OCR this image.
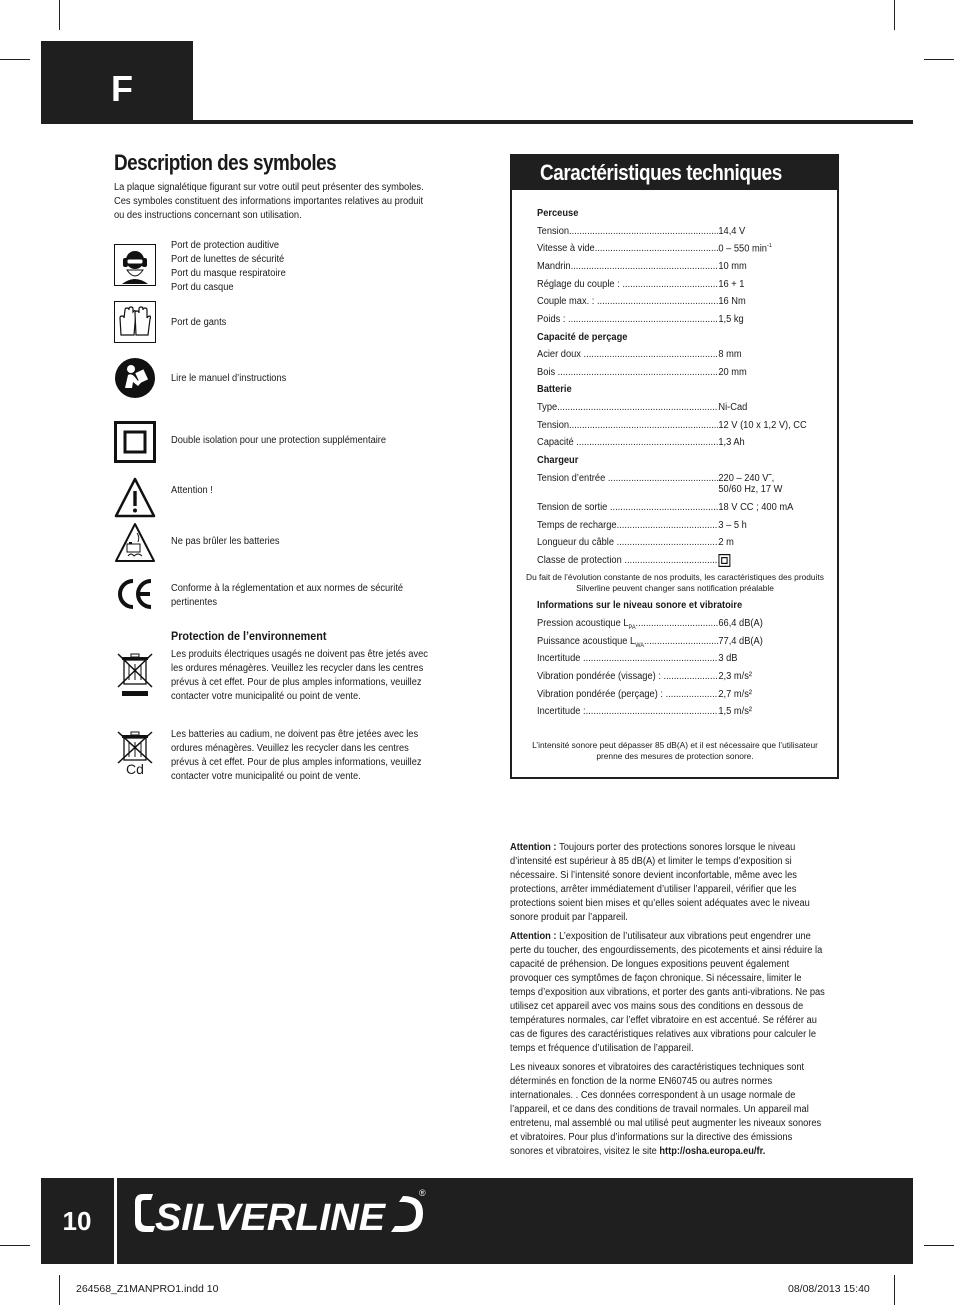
F
Description des symboles

La plaque signalétique figurant sur votre outil peut présenter des symboles. Ces symboles constituent des informations importantes relatives au produit ou des instructions concernant son utilisation.

Port de protection auditive
Port de lunettes de sécurité
Port du masque respiratoire
Port du casque
Port de gants
Lire le manuel d’instructions
Double isolation pour une protection supplémentaire
Attention !
Ne pas brûler les batteries
Conforme à la réglementation et aux normes de sécurité
pertinentes
Protection de l’environnement

Les produits électriques usagés ne doivent pas être jetés avec les ordures ménagères. Veuillez les recycler dans les centres prévus à cet effet. Pour de plus amples informations, veuillez contacter votre municipalité ou point de vente.

Cd

Les batteries au cadium, ne doivent pas être jetées avec les ordures ménagères. Veuillez les recycler dans les centres prévus à cet effet. Pour de plus amples informations, veuillez contacter votre municipalité ou point de vente.

Caractéristiques techniques
Perceuse
Tension .....	14,4 V
Vitesse à vide .....	0 – 550 $\min^{-1}$
Mandrin .....	10 mm
Réglage du couple : .....	16 + 1
Couple max. : .....	16 Nm
Poids : .....	1,5 kg
Capacité de perçage
Acier doux .....	8 mm
Bois .....	20 mm
Batterie
Type .....	Ni-Cad
Tension .....	12 V (10 x 1,2 V), CC
Capacité .....	1,3 Ah
Chargeur
Tension d’entrée .....	220 – 240 V˜,
50/60 Hz, 17 W
Tension de sortie .....	18 V CC ; 400 mA
Temps de recharge .....	3 – 5 h
Longueur du câble .....	2 m
Classe de protection .....
Du fait de l’évolution constante de nos produits, les caractéristiques des produits Silverline peuvent changer sans notification préalable
Informations sur le niveau sonore et vibratoire
Pression acoustique $L_{PA}$ .....	66,4 dB(A)
Puissance acoustique $L_{WA}$ .....	77,4 dB(A)
Incertitude .....	3 dB
Vibration pondérée (vissage) : .....	2,3 m/s²
Vibration pondérée (perçage) : .....	2,7 m/s²
Incertitude : .....	1,5 m/s²
L’intensité sonore peut dépasser 85 dB(A) et il est nécessaire que l’utilisateur prenne des mesures de protection sonore.

Attention : Toujours porter des protections sonores lorsque le niveau d’intensité est supérieur à 85 dB(A) et limiter le temps d’exposition si nécessaire. Si l’intensité sonore devient inconfortable, même avec les protections, arrêter immédiatement d’utiliser l’appareil, vérifier que les protections soient bien mises et qu’elles soient adéquates avec le niveau sonore produit par l’appareil.

Attention : L’exposition de l’utilisateur aux vibrations peut engendrer une perte du toucher, des engourdissements, des picotements et ainsi réduire la capacité de préhension. De longues expositions peuvent également provoquer ces symptômes de façon chronique. Si nécessaire, limiter le temps d’exposition aux vibrations, et porter des gants anti-vibrations. Ne pas utilisez cet appareil avec vos mains sous des conditions en dessous de températures normales, car l’effet vibratoire en est accentué. Se référer au cas de figures des caractéristiques relatives aux vibrations pour calculer le temps et fréquence d’utilisation de l’appareil.

Les niveaux sonores et vibratoires des caractéristiques techniques sont déterminés en fonction de la norme EN60745 ou autres normes internationales. . Ces données correspondent à un usage normale de l’appareil, et ce dans des conditions de travail normales. Un appareil mal entretenu, mal assemblé ou mal utilisé peut augmenter les niveaux sonores et vibratoires. Pour plus d’informations sur la directive des émissions sonores et vibratoires, visitez le site http://osha.europa.eu/fr.

10	SILVERLINE
®
264568_Z1MANPRO1.indd 10	08/08/2013 15:40
